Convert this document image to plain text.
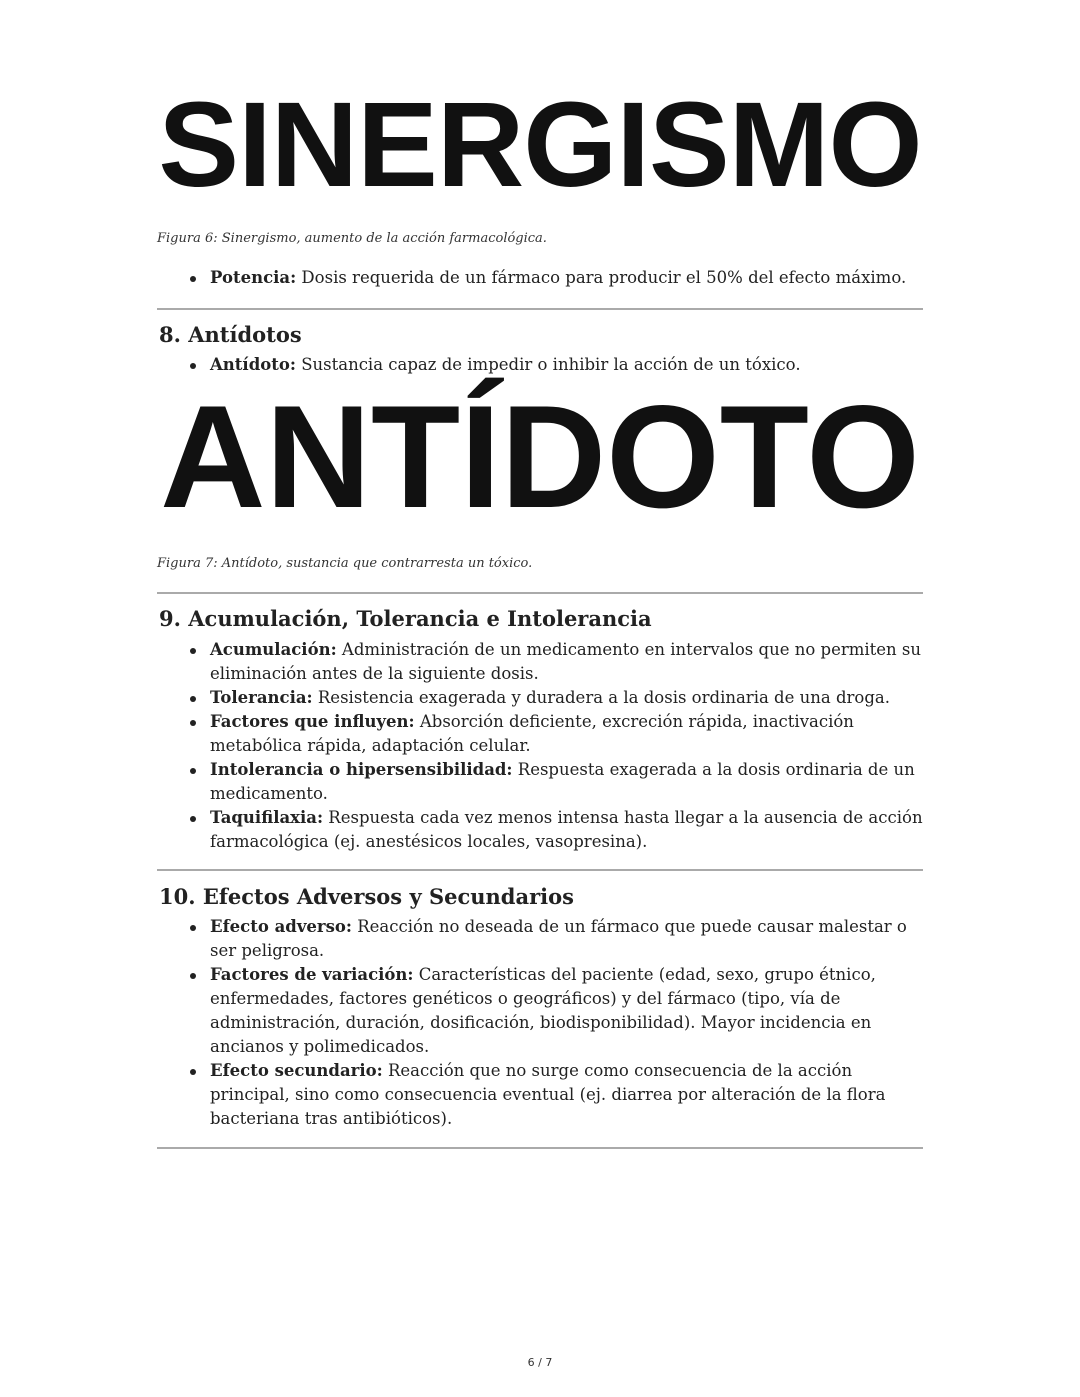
SINERGISMO
Figura 6: Sinergismo, aumento de la acción farmacológica.
Potencia: Dosis requerida de un fármaco para producir el 50% del efecto máximo.
8. Antídotos
Antídoto: Sustancia capaz de impedir o inhibir la acción de un tóxico.
ANTÍDOTO
Figura 7: Antídoto, sustancia que contrarresta un tóxico.
9. Acumulación, Tolerancia e Intolerancia
Acumulación: Administración de un medicamento en intervalos que no permiten su eliminación antes de la siguiente dosis.
Tolerancia: Resistencia exagerada y duradera a la dosis ordinaria de una droga.
Factores que influyen: Absorción deficiente, excreción rápida, inactivación metabólica rápida, adaptación celular.
Intolerancia o hipersensibilidad: Respuesta exagerada a la dosis ordinaria de un medicamento.
Taquifilaxia: Respuesta cada vez menos intensa hasta llegar a la ausencia de acción farmacológica (ej. anestésicos locales, vasopresina).
10. Efectos Adversos y Secundarios
Efecto adverso: Reacción no deseada de un fármaco que puede causar malestar o ser peligrosa.
Factores de variación: Características del paciente (edad, sexo, grupo étnico, enfermedades, factores genéticos o geográficos) y del fármaco (tipo, vía de administración, duración, dosificación, biodisponibilidad). Mayor incidencia en ancianos y polimedicados.
Efecto secundario: Reacción que no surge como consecuencia de la acción principal, sino como consecuencia eventual (ej. diarrea por alteración de la flora bacteriana tras antibióticos).
6 / 7
